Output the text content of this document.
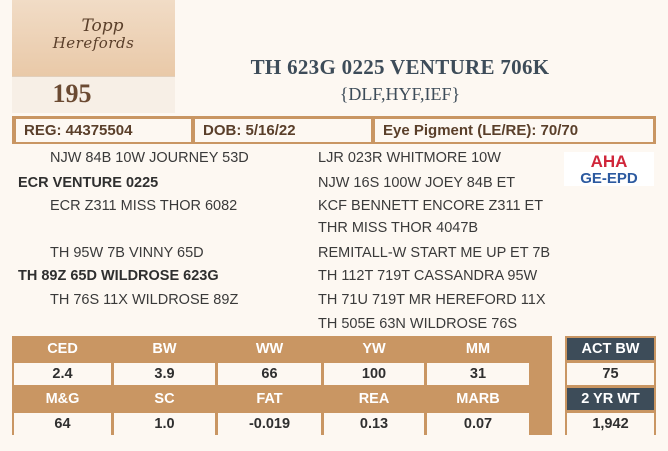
Topp
Herefords
195
TH 623G 0225 VENTURE 706K
{DLF,HYF,IEF}
REG: 44375504	DOB: 5/16/22	Eye Pigment (LE/RE): 70/70
NJW 84B 10W JOURNEY 53D	LJR 023R WHITMORE 10W
ECR VENTURE 0225	NJW 16S 100W JOEY 84B ET
ECR Z311 MISS THOR 6082	KCF BENNETT ENCORE Z311 ET
THR MISS THOR 4047B
TH 95W 7B VINNY 65D	REMITALL-W START ME UP ET 7B
TH 89Z 65D WILDROSE 623G	TH 112T 719T CASSANDRA 95W
TH 76S 11X WILDROSE 89Z	TH 71U 719T MR HEREFORD 11X
TH 505E 63N WILDROSE 76S
AHA
GE-EPD
CED	BW	WW	YW	MM
2.4	3.9	66	100	31
M&G	SC	FAT	REA	MARB
64	1.0	-0.019	0.13	0.07
ACT BW
75
2 YR WT
1,942
